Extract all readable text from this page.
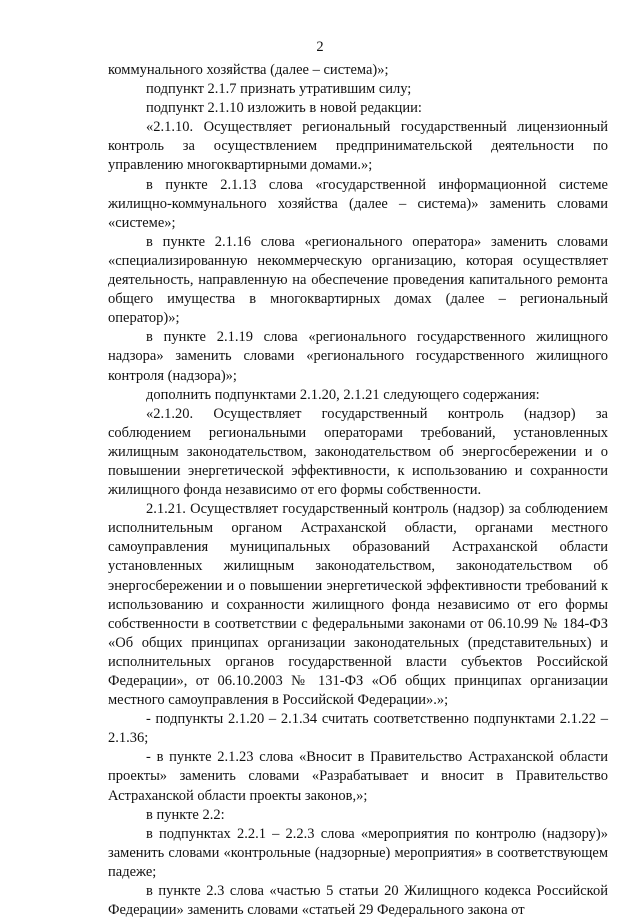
2

коммунального хозяйства (далее – система)»;

подпункт 2.1.7 признать утратившим силу;

подпункт 2.1.10 изложить в новой редакции:

«2.1.10. Осуществляет региональный государственный лицензионный контроль за осуществлением предпринимательской деятельности по управлению многоквартирными домами.»;

в пункте 2.1.13 слова «государственной информационной системе жилищно-коммунального хозяйства (далее – система)» заменить словами «системе»;

в пункте 2.1.16 слова «регионального оператора» заменить словами «специализированную некоммерческую организацию, которая осуществляет деятельность, направленную на обеспечение проведения капитального ремонта общего имущества в многоквартирных домах (далее – региональный оператор)»;

в пункте 2.1.19 слова «регионального государственного жилищного надзора» заменить словами «регионального государственного жилищного контроля (надзора)»;

дополнить подпунктами 2.1.20, 2.1.21 следующего содержания:

«2.1.20. Осуществляет государственный контроль (надзор) за соблюдением региональными операторами требований, установленных жилищным законодательством, законодательством об энергосбережении и о повышении энергетической эффективности, к использованию и сохранности жилищного фонда независимо от его формы собственности.

2.1.21. Осуществляет государственный контроль (надзор) за соблюдением исполнительным органом Астраханской области, органами местного самоуправления муниципальных образований Астраханской области установленных жилищным законодательством, законодательством об энергосбережении и о повышении энергетической эффективности требований к использованию и сохранности жилищного фонда независимо от его формы собственности в соответствии с федеральными законами от 06.10.99 № 184-ФЗ «Об общих принципах организации законодательных (представительных) и исполнительных органов государственной власти субъектов Российской Федерации», от 06.10.2003 № 131-ФЗ «Об общих принципах организации местного самоуправления в Российской Федерации».»;

- подпункты 2.1.20 – 2.1.34 считать соответственно подпунктами 2.1.22 – 2.1.36;

- в пункте 2.1.23 слова «Вносит в Правительство Астраханской области проекты» заменить словами «Разрабатывает и вносит в Правительство Астраханской области проекты законов,»;

в пункте 2.2:

в подпунктах 2.2.1 – 2.2.3 слова «мероприятия по контролю (надзору)» заменить словами «контрольные (надзорные) мероприятия» в соответствующем падеже;

в пункте 2.3 слова «частью 5 статьи 20 Жилищного кодекса Российской Федерации» заменить словами «статьей 29 Федерального закона от
